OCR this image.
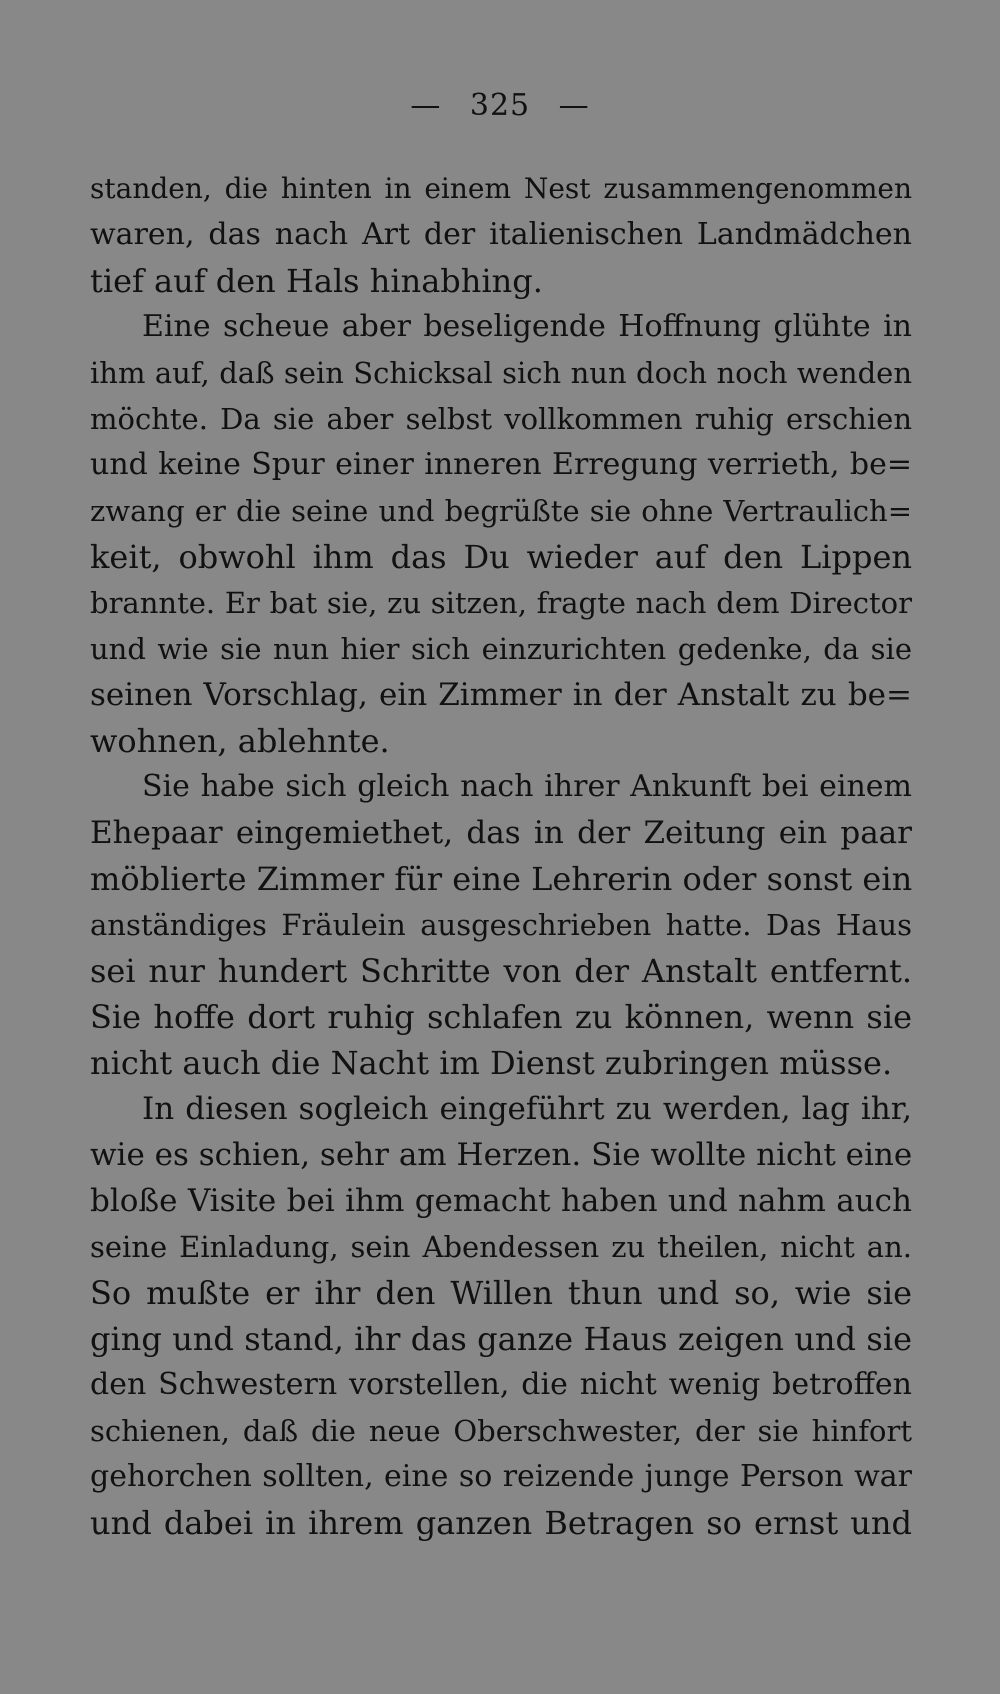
— 325 —
standen, die hinten in einem Nest zusammengenommen
waren, das nach Art der italienischen Landmädchen
tief auf den Hals hinabhing.
Eine scheue aber beseligende Hoffnung glühte in
ihm auf, daß sein Schicksal sich nun doch noch wenden
möchte. Da sie aber selbst vollkommen ruhig erschien
und keine Spur einer inneren Erregung verrieth, be=
zwang er die seine und begrüßte sie ohne Vertraulich=
keit, obwohl ihm das Du wieder auf den Lippen
brannte. Er bat sie, zu sitzen, fragte nach dem Director
und wie sie nun hier sich einzurichten gedenke, da sie
seinen Vorschlag, ein Zimmer in der Anstalt zu be=
wohnen, ablehnte.
Sie habe sich gleich nach ihrer Ankunft bei einem
Ehepaar eingemiethet, das in der Zeitung ein paar
möblierte Zimmer für eine Lehrerin oder sonst ein
anständiges Fräulein ausgeschrieben hatte. Das Haus
sei nur hundert Schritte von der Anstalt entfernt.
Sie hoffe dort ruhig schlafen zu können, wenn sie
nicht auch die Nacht im Dienst zubringen müsse.
In diesen sogleich eingeführt zu werden, lag ihr,
wie es schien, sehr am Herzen. Sie wollte nicht eine
bloße Visite bei ihm gemacht haben und nahm auch
seine Einladung, sein Abendessen zu theilen, nicht an.
So mußte er ihr den Willen thun und so, wie sie
ging und stand, ihr das ganze Haus zeigen und sie
den Schwestern vorstellen, die nicht wenig betroffen
schienen, daß die neue Oberschwester, der sie hinfort
gehorchen sollten, eine so reizende junge Person war
und dabei in ihrem ganzen Betragen so ernst und
